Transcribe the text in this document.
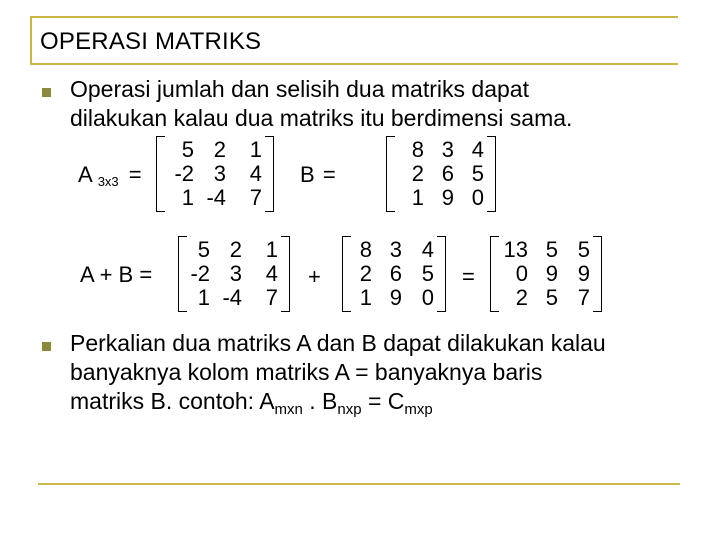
OPERASI MATRIKS
Operasi jumlah dan selisih dua matriks dapat
dilakukan kalau dua matriks itu berdimensi sama.
A 3x3 =
5 2	1
-2 3	4
1 -4	7
B =
8 3 4
2 6 5
1 9 0
A + B =
5 2	1
-2 3	4
1 -4	7
+
8 3 4
2 6 5
1 9 0
=
13 5 5
0 9 9
2 5 7
Perkalian dua matriks A dan B dapat dilakukan kalau
banyaknya kolom matriks A = banyaknya baris
matriks B. contoh: $A_{mxn}$ . $B_{nxp} = C_{mxp}$
